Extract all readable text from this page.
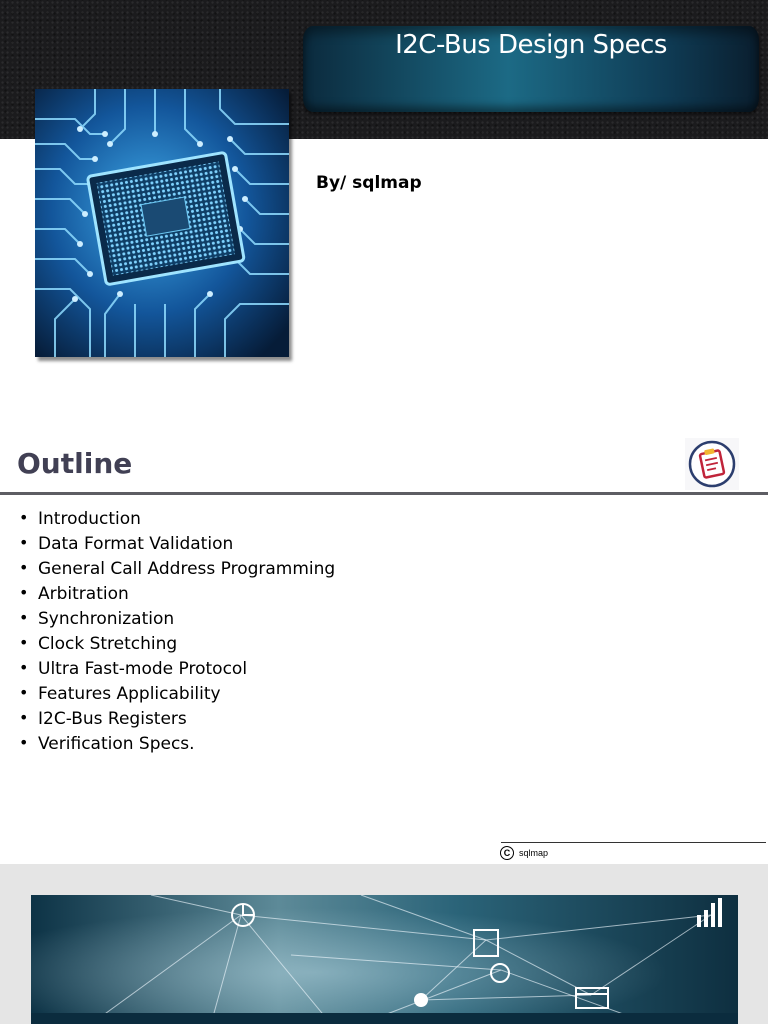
I2C-Bus Design Specs
By/ sqlmap
Outline
• Introduction
• Data Format Validation
• General Call Address Programming
• Arbitration
• Synchronization
• Clock Stretching
• Ultra Fast-mode Protocol
• Features Applicability
• I2C-Bus Registers
• Verification Specs.
C sqlmap
